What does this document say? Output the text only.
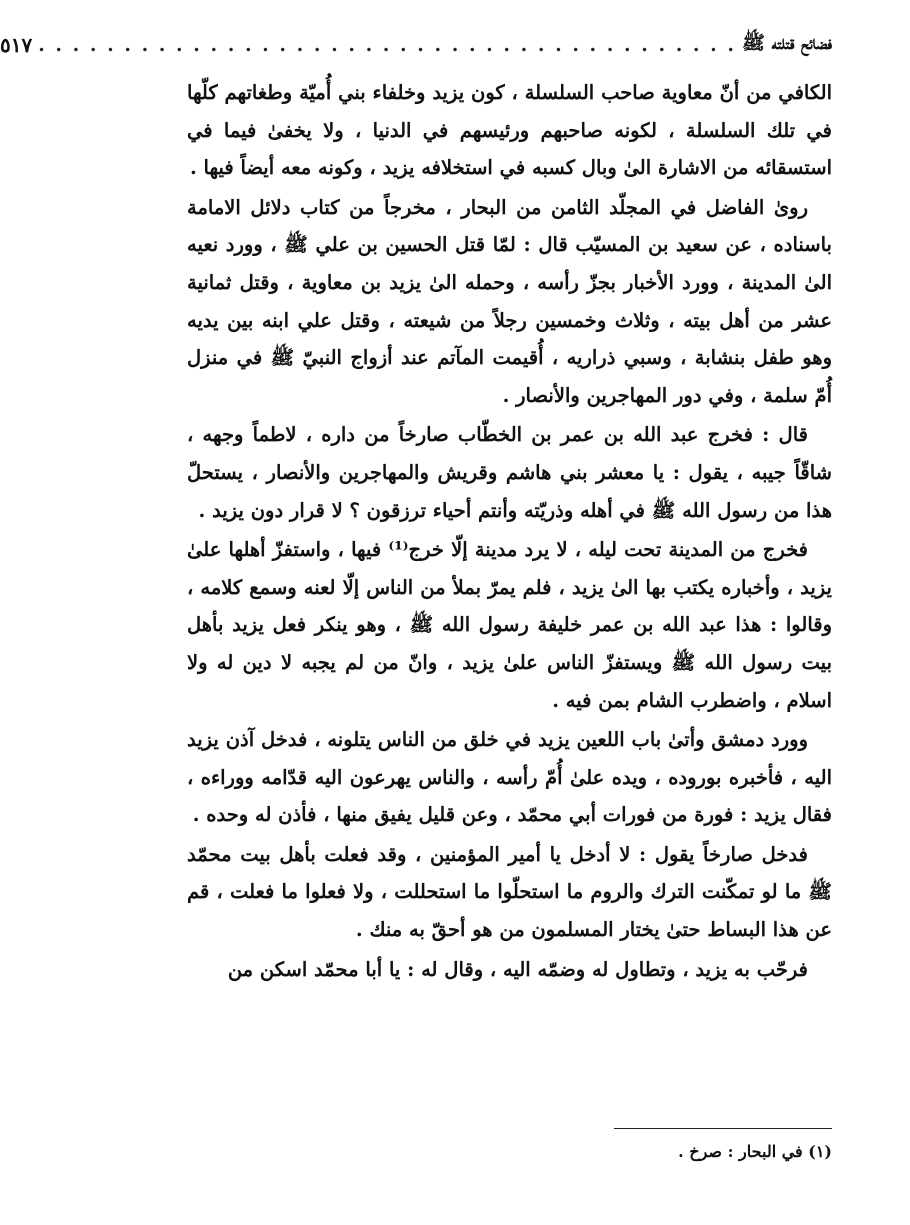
فضائح قتلته ﷺ
. . . . . . . . . . . . . . . . . . . . . . . . . . . . . . . . . . . . . . . . .
٥١٧

الكافي من أنّ معاوية صاحب السلسلة ، كون يزيد وخلفاء بني أُميّة وطغاتهم كلّها في تلك السلسلة ، لكونه صاحبهم ورئيسهم في الدنيا ، ولا يخفىٰ فيما في استسقائه من الاشارة الىٰ وبال كسبه في استخلافه يزيد ، وكونه معه أيضاً فيها .

روىٰ الفاضل في المجلّد الثامن من البحار ، مخرجاً من كتاب دلائل الامامة باسناده ، عن سعيد بن المسيّب قال : لمّا قتل الحسين بن علي ﷺ ، وورد نعيه الىٰ المدينة ، وورد الأخبار بجزّ رأسه ، وحمله الىٰ يزيد بن معاوية ، وقتل ثمانية عشر من أهل بيته ، وثلاث وخمسين رجلاً من شيعته ، وقتل علي ابنه بين يديه وهو طفل بنشابة ، وسبي ذراريه ، أُقيمت المآتم عند أزواج النبيّ ﷺ في منزل أُمّ سلمة ، وفي دور المهاجرين والأنصار .

قال : فخرج عبد الله بن عمر بن الخطّاب صارخاً من داره ، لاطماً وجهه ، شاقّاً جيبه ، يقول : يا معشر بني هاشم وقريش والمهاجرين والأنصار ، يستحلّ هذا من رسول الله ﷺ في أهله وذريّته وأنتم أحياء ترزقون ؟ لا قرار دون يزيد .

فخرج من المدينة تحت ليله ، لا يرد مدينة إلّا خرج⁽¹⁾ فيها ، واستفزّ أهلها علىٰ يزيد ، وأخباره يكتب بها الىٰ يزيد ، فلم يمرّ بملأ من الناس إلّا لعنه وسمع كلامه ، وقالوا : هذا عبد الله بن عمر خليفة رسول الله ﷺ ، وهو ينكر فعل يزيد بأهل بيت رسول الله ﷺ ويستفزّ الناس علىٰ يزيد ، وانّ من لم يجبه لا دين له ولا اسلام ، واضطرب الشام بمن فيه .

وورد دمشق وأتىٰ باب اللعين يزيد في خلق من الناس يتلونه ، فدخل آذن يزيد اليه ، فأخبره بوروده ، ويده علىٰ أُمّ رأسه ، والناس يهرعون اليه قدّامه ووراءه ، فقال يزيد : فورة من فورات أبي محمّد ، وعن قليل يفيق منها ، فأذن له وحده .

فدخل صارخاً يقول : لا أدخل يا أمير المؤمنين ، وقد فعلت بأهل بيت محمّد ﷺ ما لو تمكّنت الترك والروم ما استحلّوا ما استحللت ، ولا فعلوا ما فعلت ، قم عن هذا البساط حتىٰ يختار المسلمون من هو أحقّ به منك .

فرحّب به يزيد ، وتطاول له وضمّه اليه ، وقال له : يا أبا محمّد اسكن من

(١) في البحار : صرخ .
